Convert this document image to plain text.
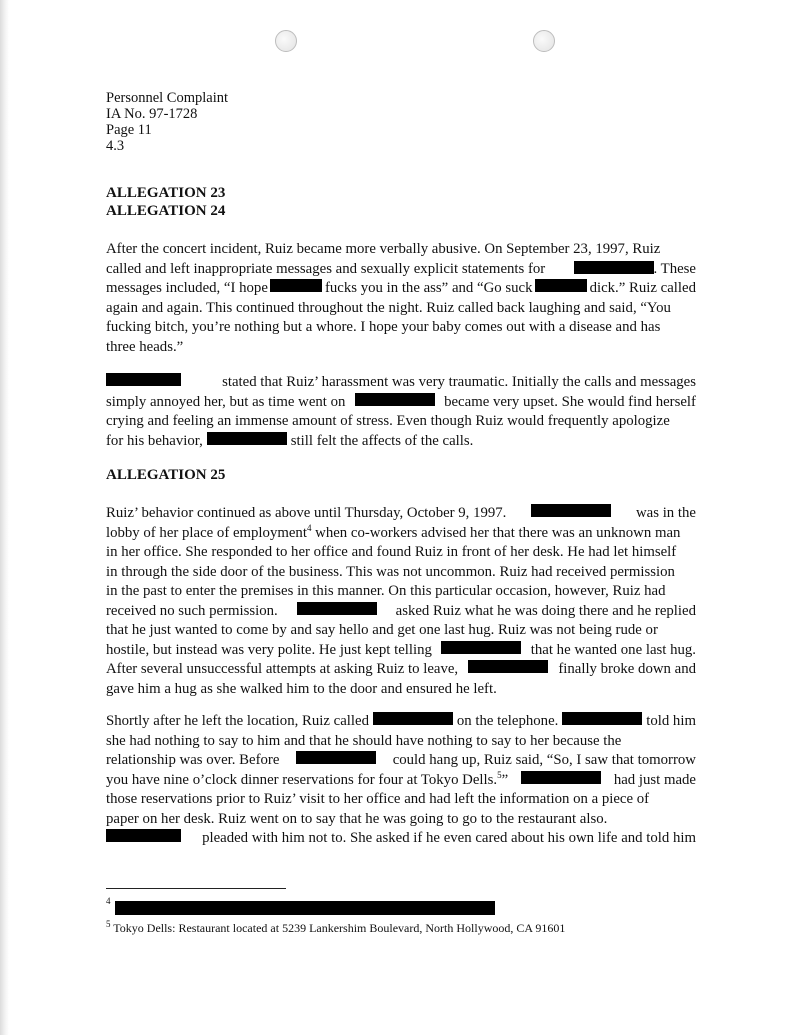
Personnel Complaint
IA No. 97-1728
Page 11
4.3
ALLEGATION 23
ALLEGATION 24
After the concert incident, Ruiz became more verbally abusive. On September 23, 1997, Ruiz
called and left inappropriate messages and sexually explicit statements for	. These
messages included, “I hope	fucks you in the ass” and “Go suck	dick.” Ruiz called
again and again. This continued throughout the night. Ruiz called back laughing and said, “You
fucking bitch, you’re nothing but a whore. I hope your baby comes out with a disease and has
three heads.”
stated that Ruiz’ harassment was very traumatic. Initially the calls and messages
simply annoyed her, but as time went on	became very upset. She would find herself
crying and feeling an immense amount of stress. Even though Ruiz would frequently apologize
for his behavior,	still felt the affects of the calls.
ALLEGATION 25
Ruiz’ behavior continued as above until Thursday, October 9, 1997.	was in the
lobby of her place of employment$^4$ when co-workers advised her that there was an unknown man
in her office. She responded to her office and found Ruiz in front of her desk. He had let himself
in through the side door of the business. This was not uncommon. Ruiz had received permission
in the past to enter the premises in this manner. On this particular occasion, however, Ruiz had
received no such permission.	asked Ruiz what he was doing there and he replied
that he just wanted to come by and say hello and get one last hug. Ruiz was not being rude or
hostile, but instead was very polite. He just kept telling	that he wanted one last hug.
After several unsuccessful attempts at asking Ruiz to leave,	finally broke down and
gave him a hug as she walked him to the door and ensured he left.
Shortly after he left the location, Ruiz called	on the telephone.	told him
she had nothing to say to him and that he should have nothing to say to her because the
relationship was over. Before	could hang up, Ruiz said, “So, I saw that tomorrow
you have nine o’clock dinner reservations for four at Tokyo Dells.$^5$”	had just made
those reservations prior to Ruiz’ visit to her office and had left the information on a piece of
paper on her desk. Ruiz went on to say that he was going to go to the restaurant also.
pleaded with him not to. She asked if he even cared about his own life and told him
4
$^5$ Tokyo Dells: Restaurant located at 5239 Lankershim Boulevard, North Hollywood, CA 91601
